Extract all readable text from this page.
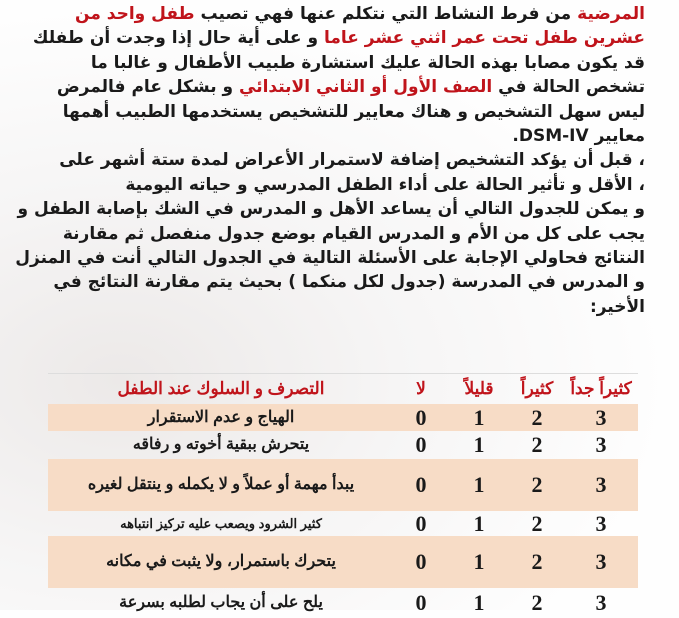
المرضية من فرط النشاط التي نتكلم عنها فهي تصيب طفل واحد من
عشرين طفل تحت عمر اثني عشر عاما و على أية حال إذا وجدت أن طفلك
قد يكون مصابا بهذه الحالة عليك استشارة طبيب الأطفال و غالبا ما
تشخص الحالة في الصف الأول أو الثاني الابتدائي و بشكل عام فالمرض
ليس سهل التشخيص و هناك معايير للتشخيص يستخدمها الطبيب أهمها
معايير DSM-IV.
، قبل أن يؤكد التشخيص إضافة لاستمرار الأعراض لمدة ستة أشهر على
، الأقل و تأثير الحالة على أداء الطفل المدرسي و حياته اليومية
و يمكن للجدول التالي أن يساعد الأهل و المدرس في الشك بإصابة الطفل و
يجب على كل من الأم و المدرس القيام بوضع جدول منفصل ثم مقارنة
النتائج فحاولي الإجابة على الأسئلة التالية في الجدول التالي أنت في المنزل
و المدرس في المدرسة (جدول لكل منكما ) بحيث يتم مقارنة النتائج في
الأخير:
كثيراً جداً
كثيراً
قليلاً
لا
التصرف و السلوك عند الطفل
3
2
1
0
الهياج و عدم الاستقرار
3
2
1
0
يتحرش ببقية أخوته و رفاقه
3
2
1
0
يبدأ مهمة أو عملاً و لا يكمله و ينتقل لغيره
3
2
1
0
كثير الشرود ويصعب عليه تركيز انتباهه
3
2
1
0
يتحرك باستمرار، ولا يثبت في مكانه
3
2
1
0
يلح على أن يجاب لطلبه بسرعة
